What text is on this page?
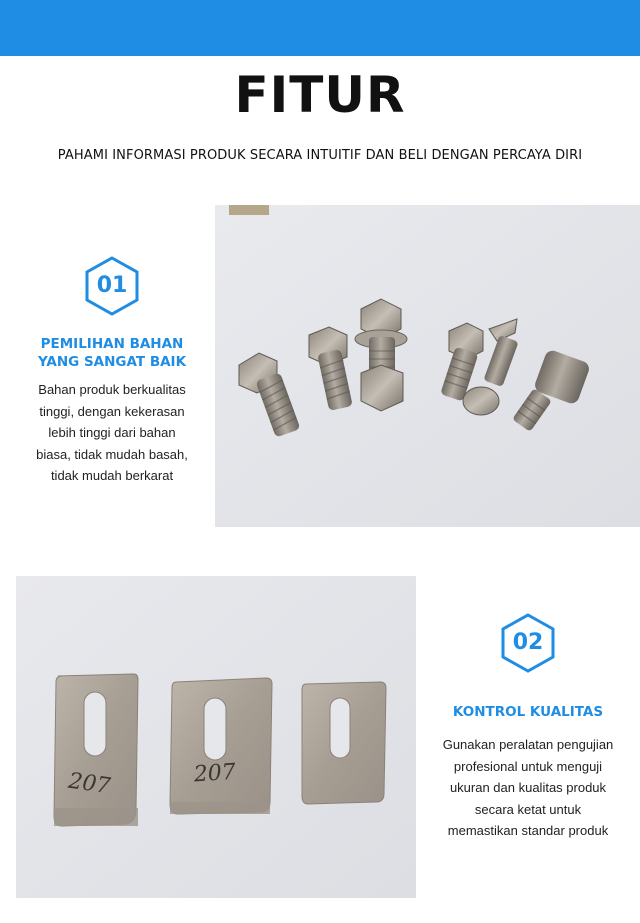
FITUR

PAHAMI INFORMASI PRODUK SECARA INTUITIF DAN BELI DENGAN PERCAYA DIRI

01
PEMILIHAN BAHAN
YANG SANGAT BAIK
Bahan produk berkualitas
tinggi, dengan kekerasan
lebih tinggi dari bahan
biasa, tidak mudah basah,
tidak mudah berkarat
207	207
02
KONTROL KUALITAS
Gunakan peralatan pengujian
profesional untuk menguji
ukuran dan kualitas produk
secara ketat untuk
memastikan standar produk
